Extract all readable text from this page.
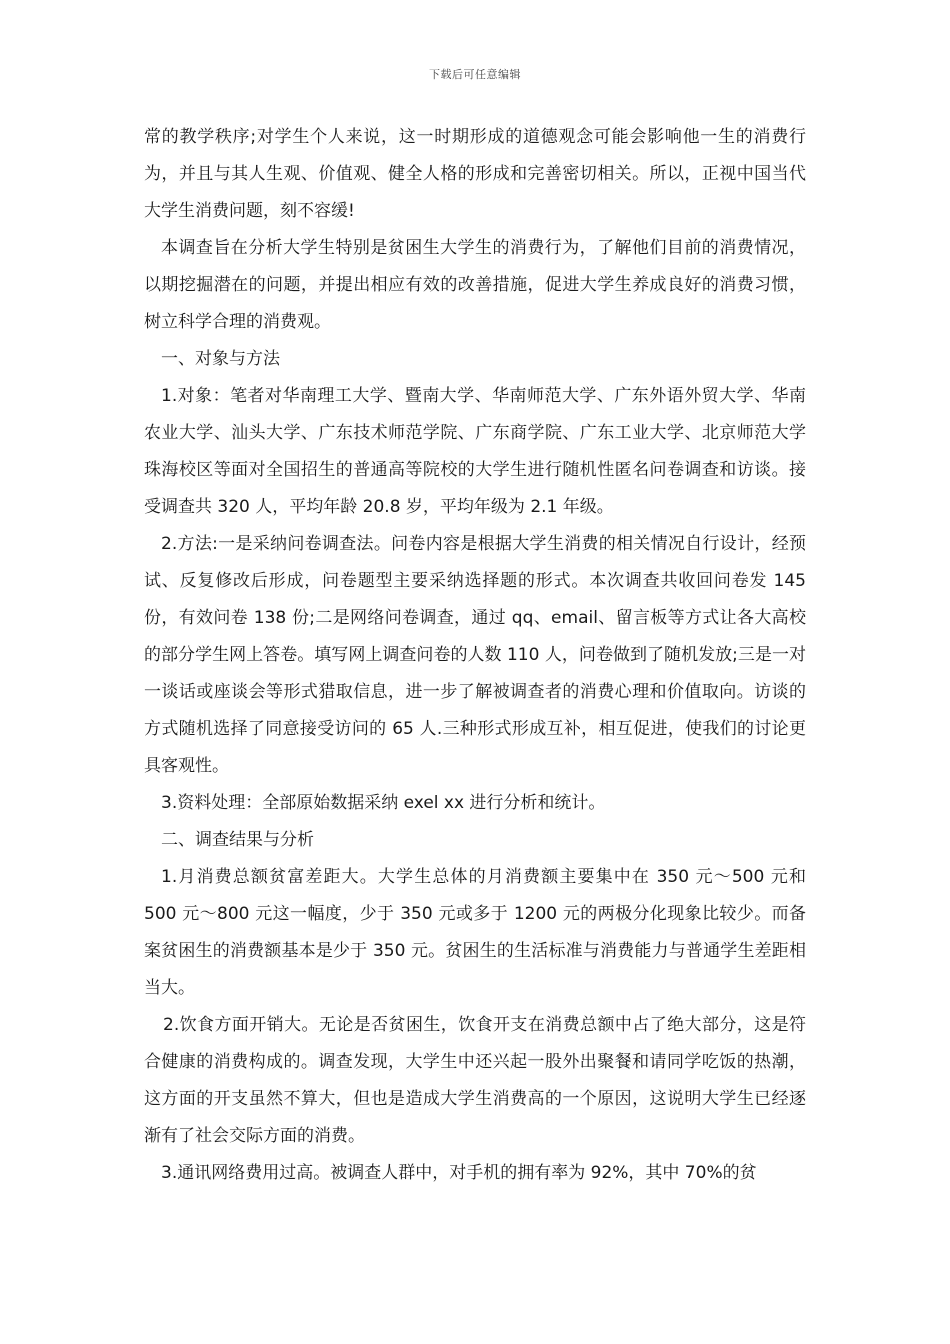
下载后可任意编辑

常的教学秩序;对学生个人来说，这一时期形成的道德观念可能会影响他一生的消费行为，并且与其人生观、价值观、健全人格的形成和完善密切相关。所以，正视中国当代大学生消费问题，刻不容缓!

本调查旨在分析大学生特别是贫困生大学生的消费行为，了解他们目前的消费情况，以期挖掘潜在的问题，并提出相应有效的改善措施，促进大学生养成良好的消费习惯，树立科学合理的消费观。

一、对象与方法

1.对象：笔者对华南理工大学、暨南大学、华南师范大学、广东外语外贸大学、华南农业大学、汕头大学、广东技术师范学院、广东商学院、广东工业大学、北京师范大学珠海校区等面对全国招生的普通高等院校的大学生进行随机性匿名问卷调查和访谈。接受调查共 320 人，平均年龄 20.8 岁，平均年级为 2.1 年级。

2.方法:一是采纳问卷调查法。问卷内容是根据大学生消费的相关情况自行设计，经预试、反复修改后形成，问卷题型主要采纳选择题的形式。本次调查共收回问卷发 145 份，有效问卷 138 份;二是网络问卷调查，通过 qq、email、留言板等方式让各大高校的部分学生网上答卷。填写网上调查问卷的人数 110 人，问卷做到了随机发放;三是一对一谈话或座谈会等形式猎取信息，进一步了解被调查者的消费心理和价值取向。访谈的方式随机选择了同意接受访问的 65 人.三种形式形成互补，相互促进，使我们的讨论更具客观性。

3.资料处理：全部原始数据采纳 exel xx 进行分析和统计。

二、调查结果与分析

1.月消费总额贫富差距大。大学生总体的月消费额主要集中在 350 元～500 元和 500 元～800 元这一幅度，少于 350 元或多于 1200 元的两极分化现象比较少。而备案贫困生的消费额基本是少于 350 元。贫困生的生活标准与消费能力与普通学生差距相当大。

2.饮食方面开销大。无论是否贫困生，饮食开支在消费总额中占了绝大部分，这是符合健康的消费构成的。调查发现，大学生中还兴起一股外出聚餐和请同学吃饭的热潮，这方面的开支虽然不算大，但也是造成大学生消费高的一个原因，这说明大学生已经逐渐有了社会交际方面的消费。

3.通讯网络费用过高。被调查人群中，对手机的拥有率为 92%，其中 70%的贫
